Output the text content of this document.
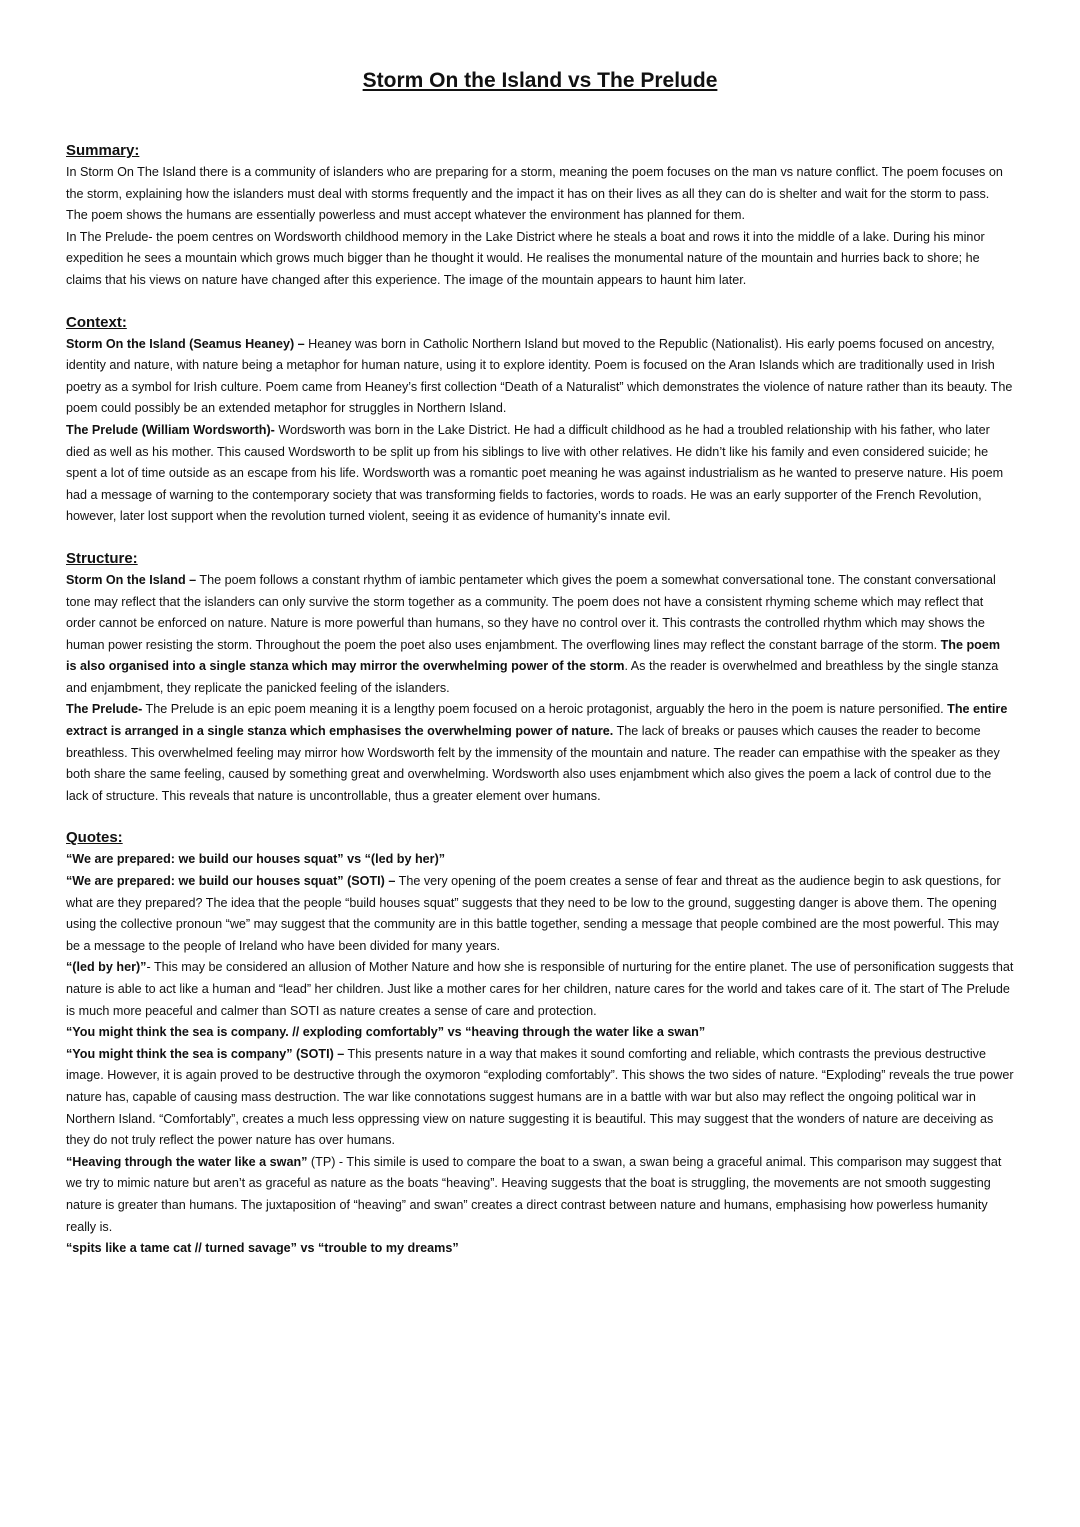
Storm On the Island vs The Prelude

Summary:

In Storm On The Island there is a community of islanders who are preparing for a storm, meaning the poem focuses on the man vs nature conflict. The poem focuses on the storm, explaining how the islanders must deal with storms frequently and the impact it has on their lives as all they can do is shelter and wait for the storm to pass. The poem shows the humans are essentially powerless and must accept whatever the environment has planned for them.

In The Prelude- the poem centres on Wordsworth childhood memory in the Lake District where he steals a boat and rows it into the middle of a lake. During his minor expedition he sees a mountain which grows much bigger than he thought it would. He realises the monumental nature of the mountain and hurries back to shore; he claims that his views on nature have changed after this experience. The image of the mountain appears to haunt him later.

Context:

Storm On the Island (Seamus Heaney) – Heaney was born in Catholic Northern Island but moved to the Republic (Nationalist). His early poems focused on ancestry, identity and nature, with nature being a metaphor for human nature, using it to explore identity. Poem is focused on the Aran Islands which are traditionally used in Irish poetry as a symbol for Irish culture. Poem came from Heaney’s first collection “Death of a Naturalist” which demonstrates the violence of nature rather than its beauty. The poem could possibly be an extended metaphor for struggles in Northern Island.

The Prelude (William Wordsworth)- Wordsworth was born in the Lake District. He had a difficult childhood as he had a troubled relationship with his father, who later died as well as his mother. This caused Wordsworth to be split up from his siblings to live with other relatives. He didn’t like his family and even considered suicide; he spent a lot of time outside as an escape from his life. Wordsworth was a romantic poet meaning he was against industrialism as he wanted to preserve nature. His poem had a message of warning to the contemporary society that was transforming fields to factories, words to roads. He was an early supporter of the French Revolution, however, later lost support when the revolution turned violent, seeing it as evidence of humanity’s innate evil.

Structure:

Storm On the Island – The poem follows a constant rhythm of iambic pentameter which gives the poem a somewhat conversational tone. The constant conversational tone may reflect that the islanders can only survive the storm together as a community. The poem does not have a consistent rhyming scheme which may reflect that order cannot be enforced on nature. Nature is more powerful than humans, so they have no control over it. This contrasts the controlled rhythm which may shows the human power resisting the storm. Throughout the poem the poet also uses enjambment. The overflowing lines may reflect the constant barrage of the storm. The poem is also organised into a single stanza which may mirror the overwhelming power of the storm. As the reader is overwhelmed and breathless by the single stanza and enjambment, they replicate the panicked feeling of the islanders.

The Prelude- The Prelude is an epic poem meaning it is a lengthy poem focused on a heroic protagonist, arguably the hero in the poem is nature personified. The entire extract is arranged in a single stanza which emphasises the overwhelming power of nature. The lack of breaks or pauses which causes the reader to become breathless. This overwhelmed feeling may mirror how Wordsworth felt by the immensity of the mountain and nature. The reader can empathise with the speaker as they both share the same feeling, caused by something great and overwhelming. Wordsworth also uses enjambment which also gives the poem a lack of control due to the lack of structure. This reveals that nature is uncontrollable, thus a greater element over humans.

Quotes:

“We are prepared: we build our houses squat” vs “(led by her)”

“We are prepared: we build our houses squat” (SOTI) – The very opening of the poem creates a sense of fear and threat as the audience begin to ask questions, for what are they prepared? The idea that the people “build houses squat” suggests that they need to be low to the ground, suggesting danger is above them. The opening using the collective pronoun “we” may suggest that the community are in this battle together, sending a message that people combined are the most powerful. This may be a message to the people of Ireland who have been divided for many years.

“(led by her)”- This may be considered an allusion of Mother Nature and how she is responsible of nurturing for the entire planet. The use of personification suggests that nature is able to act like a human and “lead” her children. Just like a mother cares for her children, nature cares for the world and takes care of it. The start of The Prelude is much more peaceful and calmer than SOTI as nature creates a sense of care and protection.

“You might think the sea is company. // exploding comfortably” vs “heaving through the water like a swan”

“You might think the sea is company” (SOTI) – This presents nature in a way that makes it sound comforting and reliable, which contrasts the previous destructive image. However, it is again proved to be destructive through the oxymoron “exploding comfortably”. This shows the two sides of nature. “Exploding” reveals the true power nature has, capable of causing mass destruction. The war like connotations suggest humans are in a battle with war but also may reflect the ongoing political war in Northern Island. “Comfortably”, creates a much less oppressing view on nature suggesting it is beautiful. This may suggest that the wonders of nature are deceiving as they do not truly reflect the power nature has over humans.

“Heaving through the water like a swan” (TP) - This simile is used to compare the boat to a swan, a swan being a graceful animal. This comparison may suggest that we try to mimic nature but aren’t as graceful as nature as the boats “heaving”. Heaving suggests that the boat is struggling, the movements are not smooth suggesting nature is greater than humans. The juxtaposition of “heaving” and swan” creates a direct contrast between nature and humans, emphasising how powerless humanity really is.

“spits like a tame cat // turned savage” vs “trouble to my dreams”
